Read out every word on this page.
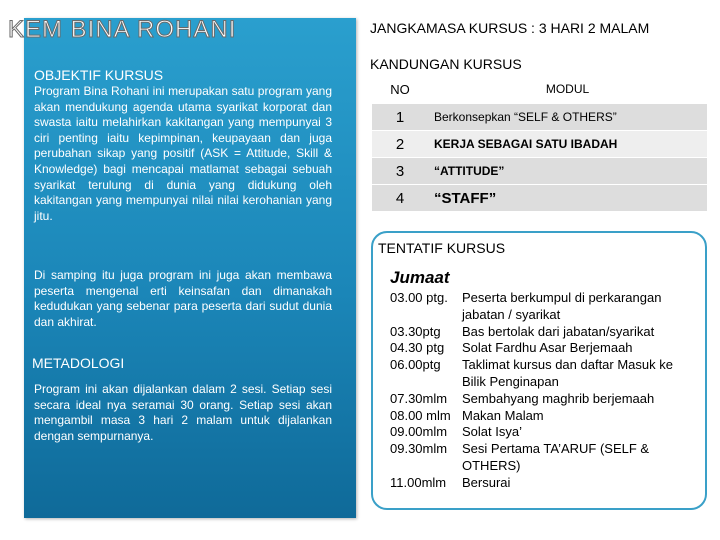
KEM BINA ROHANI
OBJEKTIF KURSUS
Program Bina Rohani ini merupakan satu program yang akan mendukung agenda utama syarikat korporat dan swasta iaitu melahirkan kakitangan yang mempunyai 3 ciri penting iaitu kepimpinan, keupayaan dan juga perubahan sikap yang positif (ASK = Attitude, Skill & Knowledge) bagi mencapai matlamat sebagai sebuah syarikat terulung di dunia yang didukung oleh kakitangan yang mempunyai nilai nilai kerohanian yang jitu.
Di samping itu juga program ini juga akan membawa peserta mengenal erti keinsafan dan dimanakah kedudukan yang sebenar para peserta dari sudut dunia dan akhirat.
METADOLOGI
Program ini akan dijalankan dalam 2 sesi. Setiap sesi secara ideal nya seramai 30 orang. Setiap sesi akan mengambil masa 3 hari 2 malam untuk dijalankan dengan sempurnanya.
JANGKAMASA KURSUS : 3 HARI 2 MALAM
KANDUNGAN KURSUS
NO	MODUL
1	Berkonsepkan “SELF & OTHERS”
2	KERJA SEBAGAI SATU IBADAH
3	“ATTITUDE”
4	“STAFF”
TENTATIF KURSUS
Jumaat
03.00 ptg.	Peserta berkumpul di perkarangan jabatan / syarikat
03.30ptg	Bas bertolak dari jabatan/syarikat
04.30 ptg	Solat Fardhu Asar Berjemaah
06.00ptg	Taklimat kursus dan daftar Masuk ke Bilik Penginapan
07.30mlm	Sembahyang maghrib berjemaah
08.00 mlm Makan Malam
09.00mlm	Solat Isya’
09.30mlm	Sesi Pertama TA’ARUF (SELF & OTHERS)
11.00mlm	Bersurai
